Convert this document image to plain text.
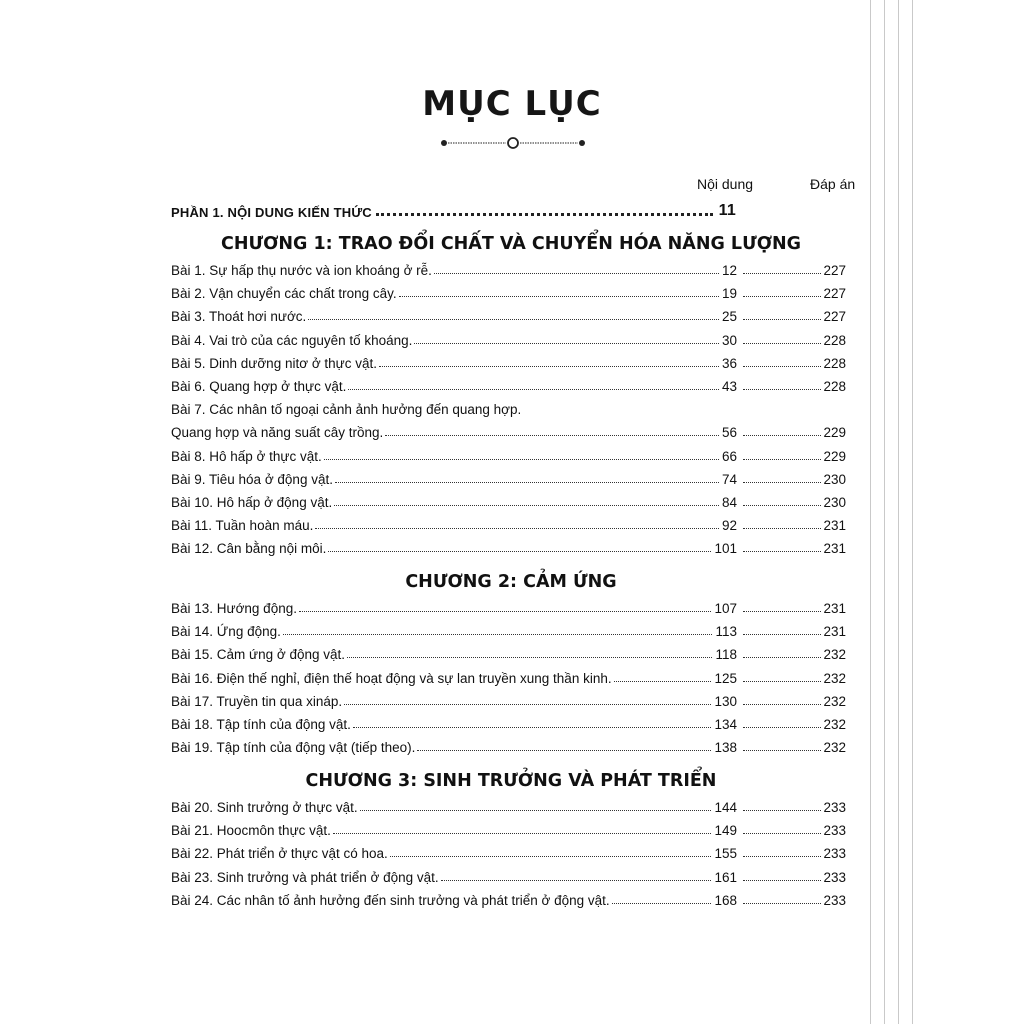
MỤC LỤC
Nội dung	Đáp án
PHẦN 1. NỘI DUNG KIẾN THỨC	11
CHƯƠNG 1: TRAO ĐỔI CHẤT VÀ CHUYỂN HÓA NĂNG LƯỢNG
Bài 1. Sự hấp thụ nước và ion khoáng ở rễ.	12	227
Bài 2. Vận chuyển các chất trong cây.	19	227
Bài 3. Thoát hơi nước.	25	227
Bài 4. Vai trò của các nguyên tố khoáng.	30	228
Bài 5. Dinh dưỡng nitơ ở thực vật.	36	228
Bài 6. Quang hợp ở thực vật.	43	228
Bài 7. Các nhân tố ngoại cảnh ảnh hưởng đến quang hợp.
Quang hợp và năng suất cây trồng.	56	229
Bài 8. Hô hấp ở thực vật.	66	229
Bài 9. Tiêu hóa ở động vật.	74	230
Bài 10. Hô hấp ở động vật.	84	230
Bài 11. Tuần hoàn máu.	92	231
Bài 12. Cân bằng nội môi.	101	231
CHƯƠNG 2: CẢM ỨNG
Bài 13. Hướng động.	107	231
Bài 14. Ứng động.	113	231
Bài 15. Cảm ứng ở động vật.	118	232
Bài 16. Điện thế nghỉ, điện thế hoạt động và sự lan truyền xung thần kinh.	125	232
Bài 17. Truyền tin qua xináp.	130	232
Bài 18. Tập tính của động vật.	134	232
Bài 19. Tập tính của động vật (tiếp theo).	138	232
CHƯƠNG 3: SINH TRƯỞNG VÀ PHÁT TRIỂN
Bài 20. Sinh trưởng ở thực vật.	144	233
Bài 21. Hoocmôn thực vật.	149	233
Bài 22. Phát triển ở thực vật có hoa.	155	233
Bài 23. Sinh trưởng và phát triển ở động vật.	161	233
Bài 24. Các nhân tố ảnh hưởng đến sinh trưởng và phát triển ở động vật.	168	233
